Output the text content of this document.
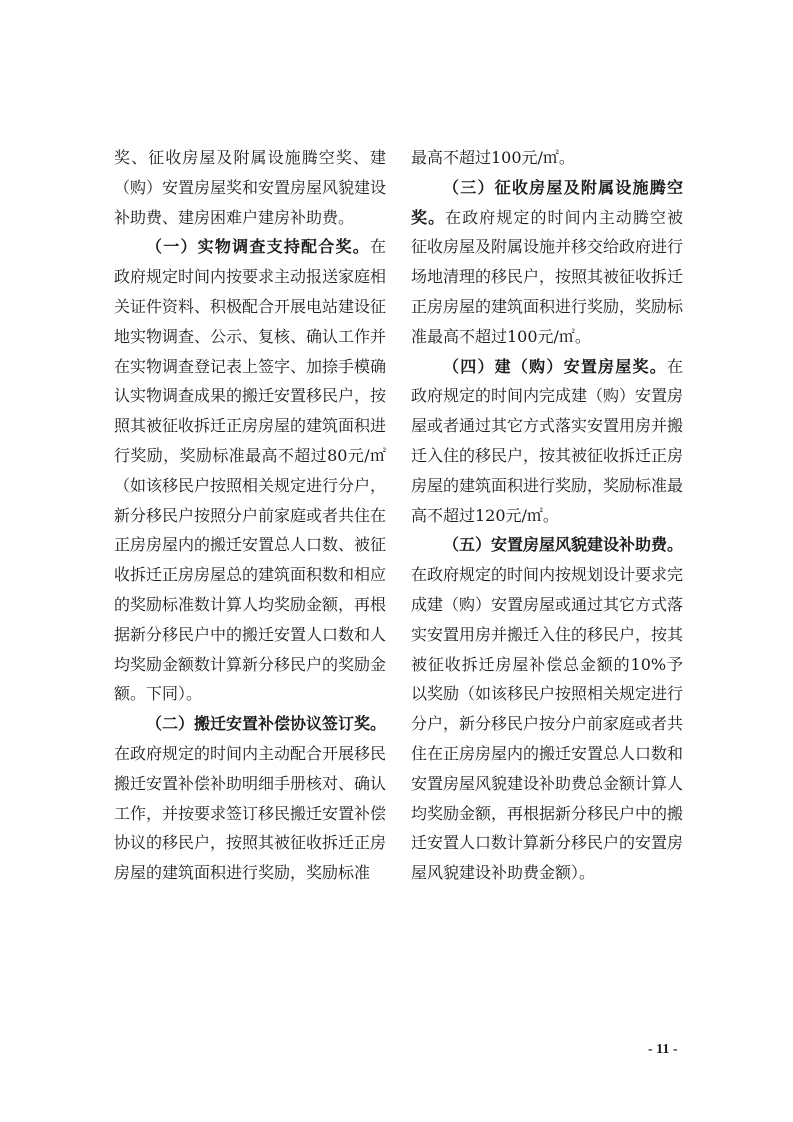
奖、征收房屋及附属设施腾空奖、建（购）安置房屋奖和安置房屋风貌建设补助费、建房困难户建房补助费。

（一）实物调查支持配合奖。在政府规定时间内按要求主动报送家庭相关证件资料、积极配合开展电站建设征地实物调查、公示、复核、确认工作并在实物调查登记表上签字、加捺手模确认实物调查成果的搬迁安置移民户，按照其被征收拆迁正房房屋的建筑面积进行奖励，奖励标准最高不超过80元/㎡（如该移民户按照相关规定进行分户，新分移民户按照分户前家庭或者共住在正房房屋内的搬迁安置总人口数、被征收拆迁正房房屋总的建筑面积数和相应的奖励标准数计算人均奖励金额，再根据新分移民户中的搬迁安置人口数和人均奖励金额数计算新分移民户的奖励金额。下同）。

（二）搬迁安置补偿协议签订奖。在政府规定的时间内主动配合开展移民搬迁安置补偿补助明细手册核对、确认工作，并按要求签订移民搬迁安置补偿协议的移民户，按照其被征收拆迁正房房屋的建筑面积进行奖励，奖励标准

最高不超过100元/㎡。

（三）征收房屋及附属设施腾空奖。在政府规定的时间内主动腾空被征收房屋及附属设施并移交给政府进行场地清理的移民户，按照其被征收拆迁正房房屋的建筑面积进行奖励，奖励标准最高不超过100元/㎡。

（四）建（购）安置房屋奖。在政府规定的时间内完成建（购）安置房屋或者通过其它方式落实安置用房并搬迁入住的移民户，按其被征收拆迁正房房屋的建筑面积进行奖励，奖励标准最高不超过120元/㎡。

（五）安置房屋风貌建设补助费。在政府规定的时间内按规划设计要求完成建（购）安置房屋或通过其它方式落实安置用房并搬迁入住的移民户，按其被征收拆迁房屋补偿总金额的10%予以奖励（如该移民户按照相关规定进行分户，新分移民户按分户前家庭或者共住在正房房屋内的搬迁安置总人口数和安置房屋风貌建设补助费总金额计算人均奖励金额，再根据新分移民户中的搬迁安置人口数计算新分移民户的安置房屋风貌建设补助费金额）。

- 11 -
